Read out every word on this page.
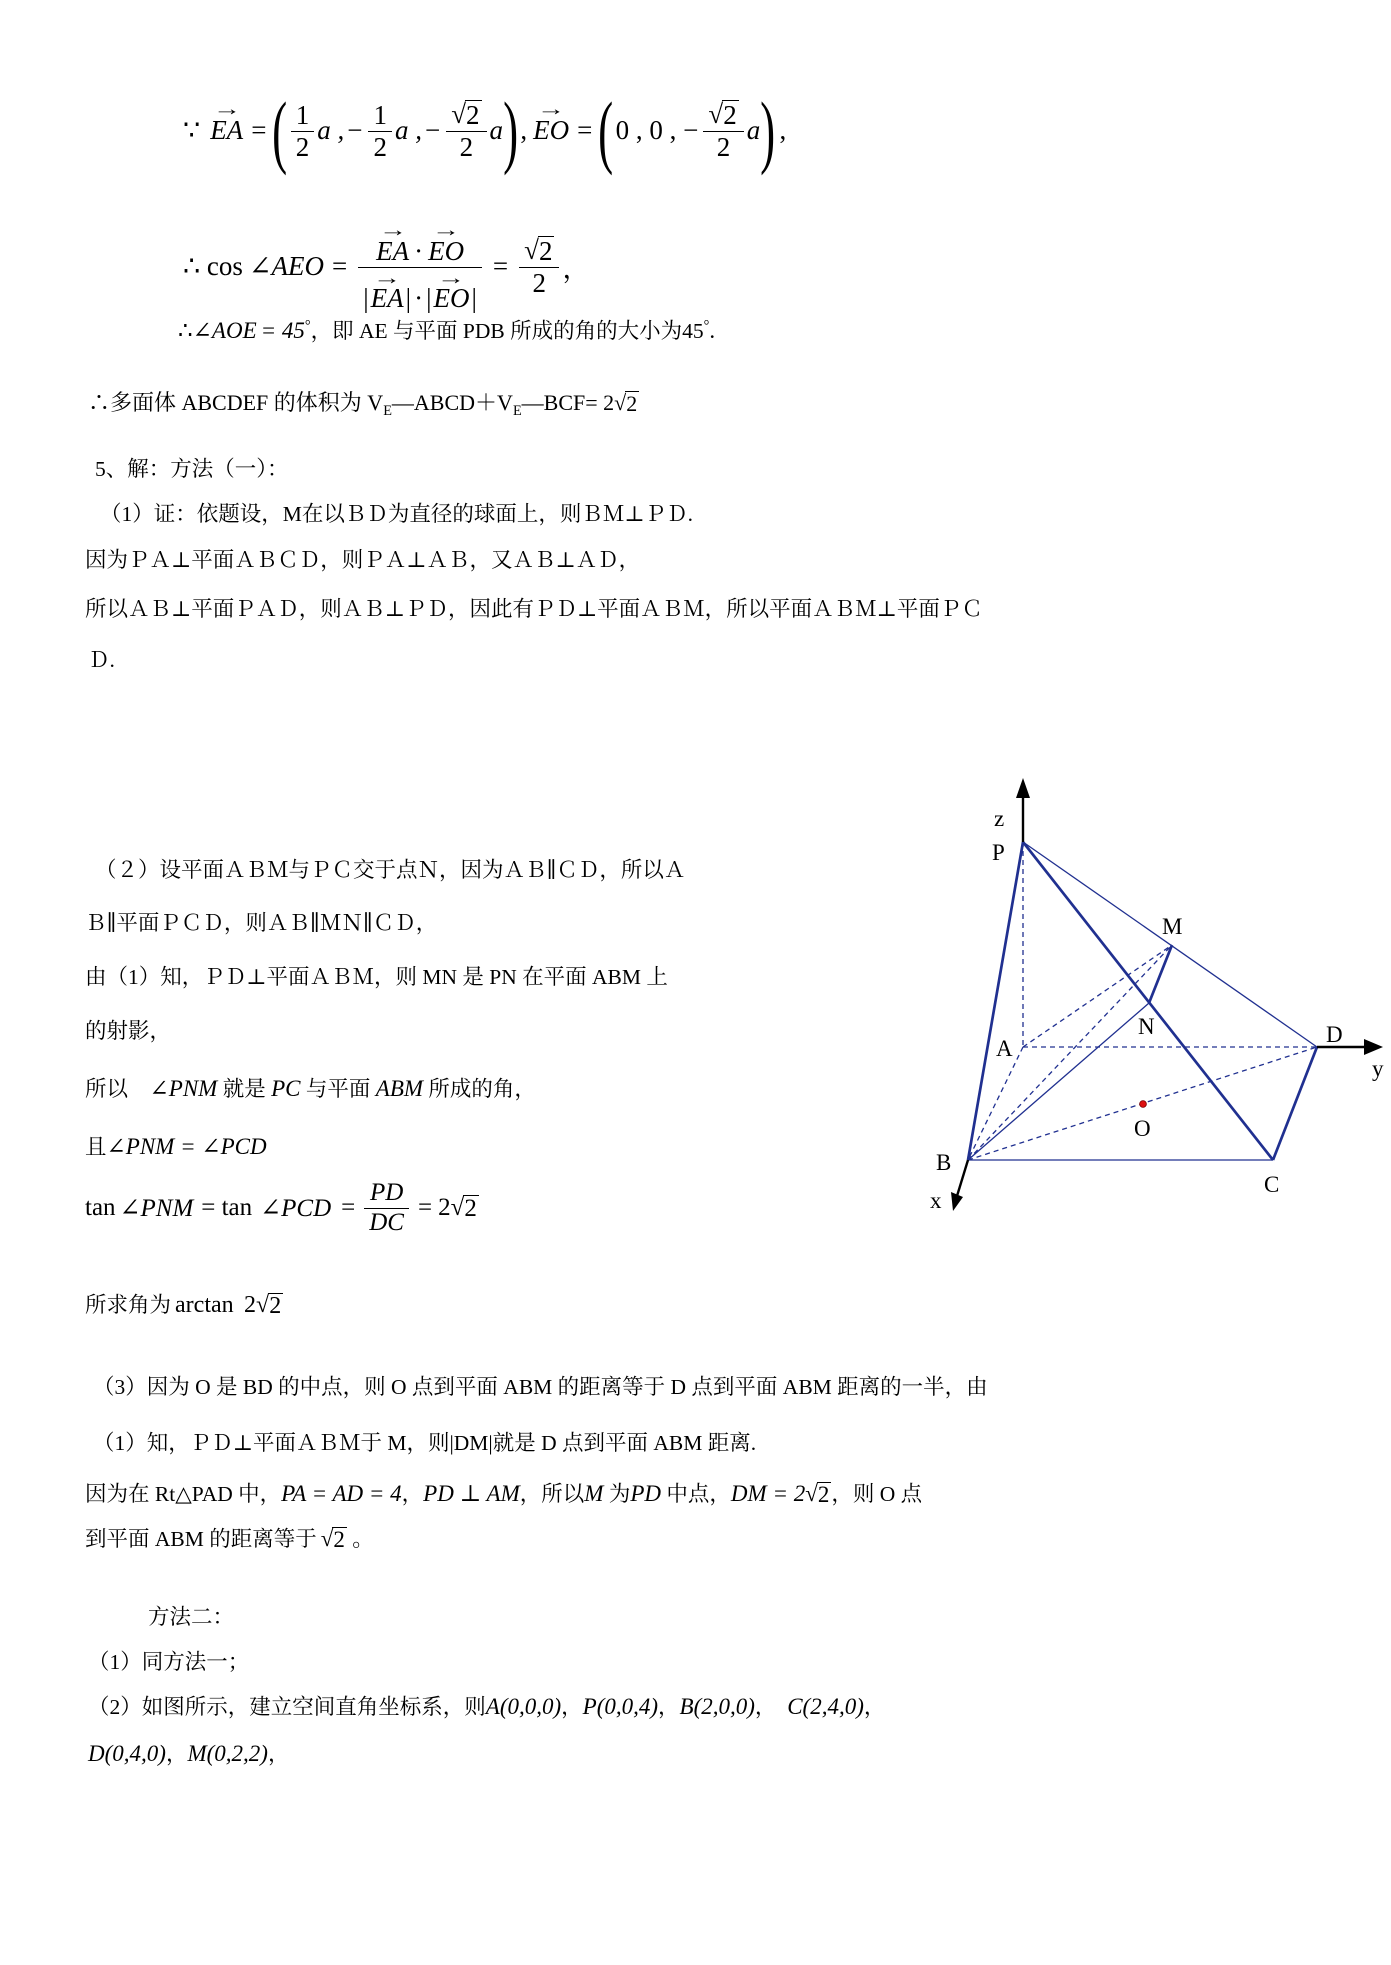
∵
→
EA = ( $\frac{1}{2}$ a , − $\frac{1}{2}$ a , − $\frac{√ 2}{2}$ a ) ,
→
EO = ( 0 , 0 , − $\frac{√ 2}{2}$ a ) ,
∴ cos ∠AEO = →
EA ·
→
EO
|
→
EA| · |
→
$EO| = \frac{√ 2}{2}$ ，
∴∠AOE = 45°，即 AE 与平面 PDB 所成的角的大小为45°.
∴多面体 ABCDEF 的体积为 $V_E—ABCD+V_E—BCF= 2$ √ 2
5、解：方法（一）：
（1）证：依题设，M在以ＢＤ为直径的球面上，则ＢＭ⊥ＰＤ.
因为ＰＡ⊥平面ＡＢＣＤ，则ＰＡ⊥ＡＢ，又ＡＢ⊥ＡＤ，
所以ＡＢ⊥平面ＰＡＤ，则ＡＢ⊥ＰＤ，因此有ＰＤ⊥平面ＡＢＭ，所以平面ＡＢＭ⊥平面ＰＣ
Ｄ.
（２）设平面ＡＢＭ与ＰＣ交于点Ｎ，因为ＡＢ∥ＣＤ，所以Ａ
Ｂ∥平面ＰＣＤ，则ＡＢ∥ＭＮ∥ＣＤ，
由（1）知，ＰＤ⊥平面ＡＢＭ，则 MN 是 PN 在平面 ABM 上
的射影，
所以　∠PNM 就是 PC 与平面 ABM 所成的角，
且∠PNM = ∠PCD
tan ∠PNM = tan ∠PCD = $\frac{PD}{DC} = 2$ √ 2
所求角为 arctan 2 √ 2
（3）因为 O 是 BD 的中点，则 O 点到平面 ABM 的距离等于 D 点到平面 ABM 距离的一半，由
（1）知，ＰＤ⊥平面ＡＢＭ于 M，则|DM|就是 D 点到平面 ABM 距离.
因为在 Rt△PAD 中，PA = AD = 4，PD ⊥ AM，所以M 为PD 中点，DM = 2 √ 2 ，则 O 点
到平面 ABM 的距离等于 √ 2 。
方法二：
（1）同方法一；
（2）如图所示，建立空间直角坐标系，则A(0,0,0)，P(0,0,4)，B(2,0,0)，　C(2,4,0)，
D(0,4,0)，M(0,2,2)，
z
P
M
N
A
D
y
B
x
O
C
